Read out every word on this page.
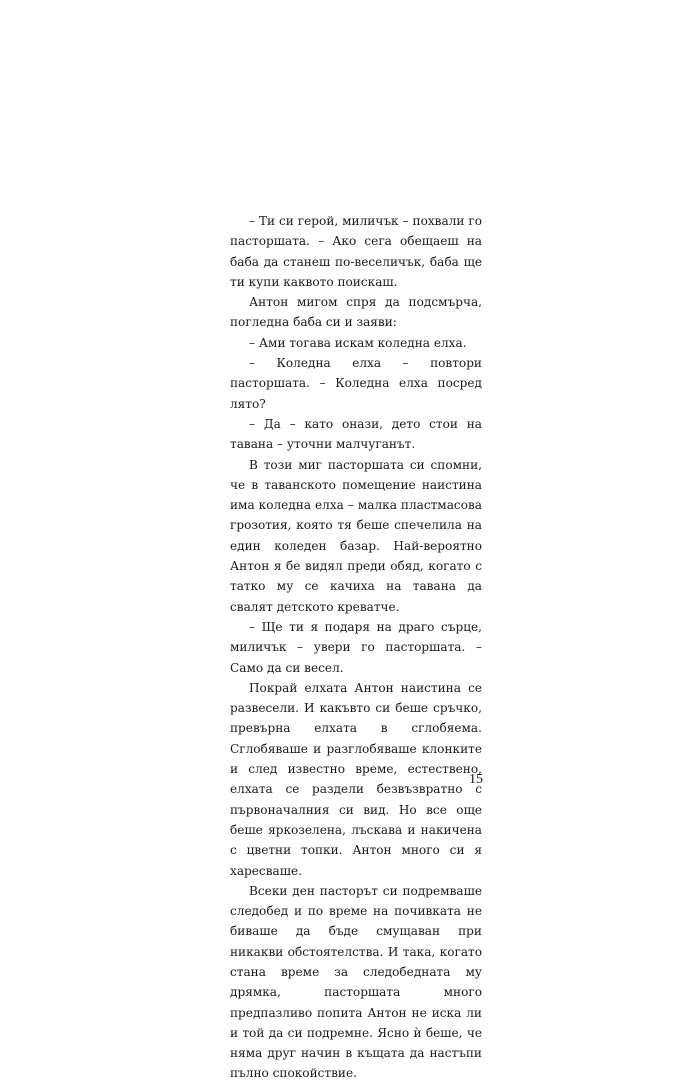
– Ти си герой, миличък – похвали го пасторшата. – Ако сега обещаеш на баба да станеш по-веселичък, баба ще ти купи каквото поискаш.

Антон мигом спря да подсмърча, погледна баба си и заяви:

– Ами тогава искам коледна елха.

– Коледна елха – повтори пасторшата. – Коледна елха посред лято?

– Да – като онази, дето стои на тавана – уточни малчуганът.

В този миг пасторшата си спомни, че в таванското помещение наистина има коледна елха – малка пластмасова грозотия, която тя беше спечелила на един коледен базар. Най-вероятно Антон я бе видял преди обяд, когато с татко му се качиха на тавана да свалят детското креватче.

– Ще ти я подаря на драго сърце, миличък – увери го пасторшата. – Само да си весел.

Покрай елхата Антон наистина се развесели. И какъвто си беше сръчко, превърна елхата в сглобяема. Сглобяваше и разглобяваше клонките и след известно време, естествено, елхата се раздели безвъзвратно с първоначалния си вид. Но все още беше яркозелена, лъскава и накичена с цветни топки. Антон много си я харесваше.

Всеки ден пасторът си подремваше следобед и по време на почивката не биваше да бъде смущаван при никакви обстоятелства. И така, когато стана време за следобедната му дрямка, пасторшата много предпазливо попита Антон не иска ли и той да си подремне. Ясно ѝ беше, че няма друг начин в къщата да настъпи пълно спокойствие.

15
